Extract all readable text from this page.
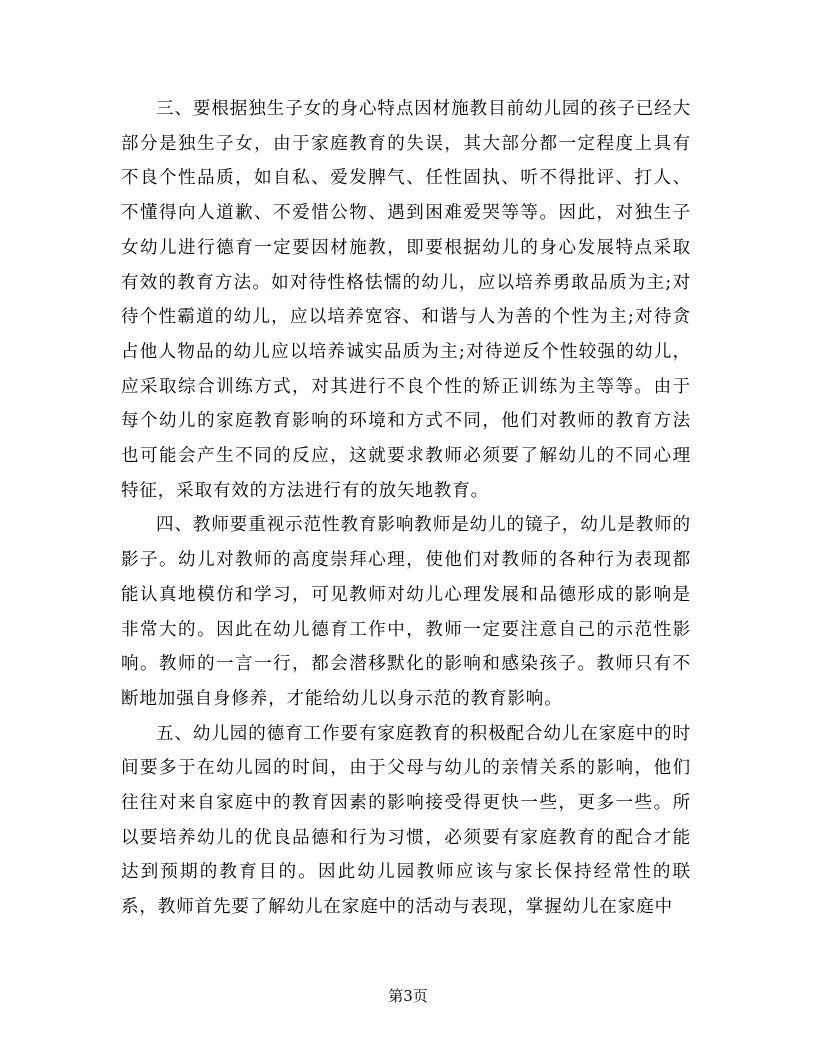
三、要根据独生子女的身心特点因材施教目前幼儿园的孩子已经大部分是独生子女，由于家庭教育的失误，其大部分都一定程度上具有不良个性品质，如自私、爱发脾气、任性固执、听不得批评、打人、不懂得向人道歉、不爱惜公物、遇到困难爱哭等等。因此，对独生子女幼儿进行德育一定要因材施教，即要根据幼儿的身心发展特点采取有效的教育方法。如对待性格怯懦的幼儿，应以培养勇敢品质为主;对待个性霸道的幼儿，应以培养宽容、和谐与人为善的个性为主;对待贪占他人物品的幼儿应以培养诚实品质为主;对待逆反个性较强的幼儿，应采取综合训练方式，对其进行不良个性的矫正训练为主等等。由于每个幼儿的家庭教育影响的环境和方式不同，他们对教师的教育方法也可能会产生不同的反应，这就要求教师必须要了解幼儿的不同心理特征，采取有效的方法进行有的放矢地教育。

四、教师要重视示范性教育影响教师是幼儿的镜子，幼儿是教师的影子。幼儿对教师的高度崇拜心理，使他们对教师的各种行为表现都能认真地模仿和学习，可见教师对幼儿心理发展和品德形成的影响是非常大的。因此在幼儿德育工作中，教师一定要注意自己的示范性影响。教师的一言一行，都会潜移默化的影响和感染孩子。教师只有不断地加强自身修养，才能给幼儿以身示范的教育影响。

五、幼儿园的德育工作要有家庭教育的积极配合幼儿在家庭中的时间要多于在幼儿园的时间，由于父母与幼儿的亲情关系的影响，他们往往对来自家庭中的教育因素的影响接受得更快一些，更多一些。所以要培养幼儿的优良品德和行为习惯，必须要有家庭教育的配合才能达到预期的教育目的。因此幼儿园教师应该与家长保持经常性的联系，教师首先要了解幼儿在家庭中的活动与表现，掌握幼儿在家庭中

第3页
